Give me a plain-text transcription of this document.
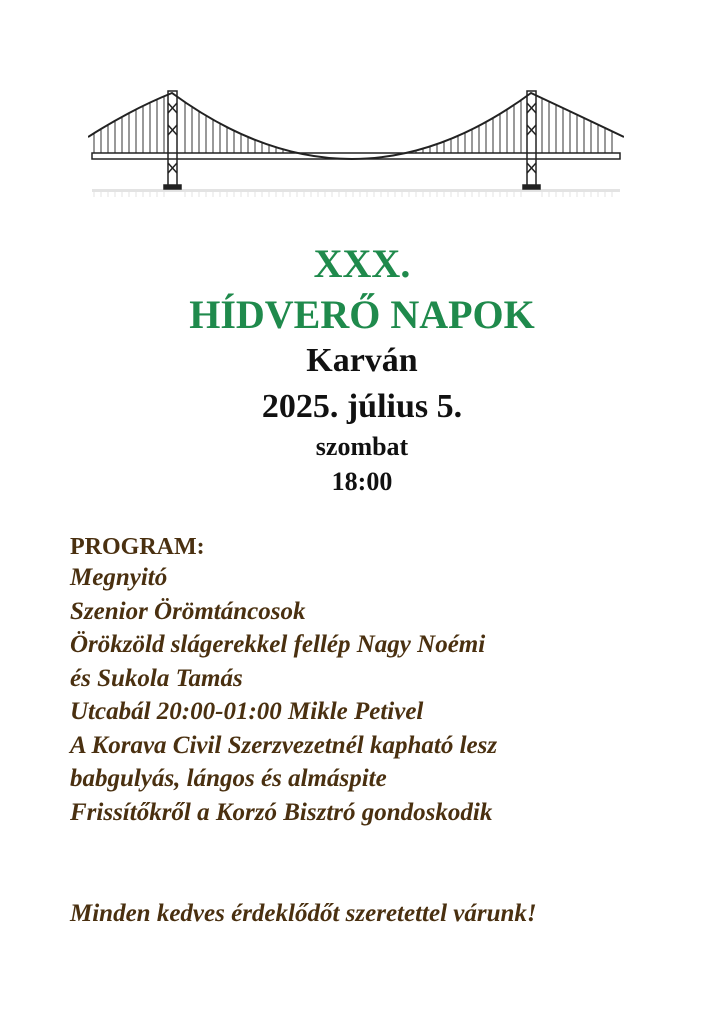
XXX.
HÍDVERŐ NAPOK
Karván
2025. július 5.
szombat
18:00

PROGRAM:

Megnyitó
Szenior Örömtáncosok
Örökzöld slágerekkel fellép Nagy Noémi
és Sukola Tamás
Utcabál 20:00-01:00 Mikle Petivel
A Korava Civil Szerzvezetnél kapható lesz
babgulyás, lángos és almáspite
Frissítőkről a Korzó Bisztró gondoskodik

Minden kedves érdeklődőt szeretettel várunk!
